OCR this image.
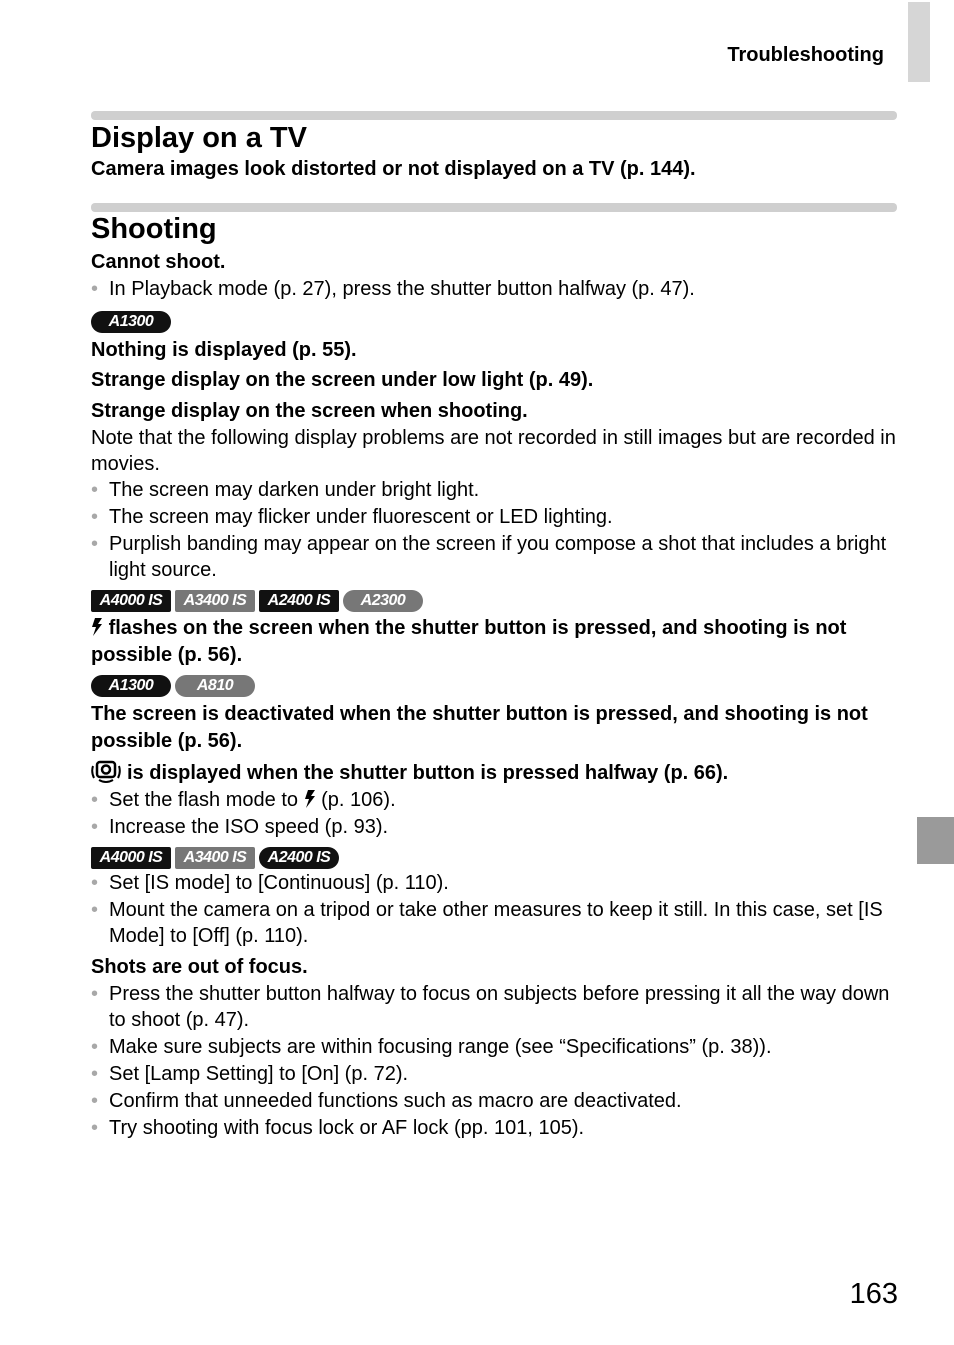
Troubleshooting
163
Display on a TV

Camera images look distorted or not displayed on a TV (p. 144).

Shooting

Cannot shoot.

• In Playback mode (p. 27), press the shutter button halfway (p. 47).
A1300

Nothing is displayed (p. 55).

Strange display on the screen under low light (p. 49).

Strange display on the screen when shooting.

Note that the following display problems are not recorded in still images but are recorded in movies.

• The screen may darken under bright light.
• The screen may flicker under fluorescent or LED lighting.
• Purplish banding may appear on the screen if you compose a shot that includes a bright light source.
A4000 IS	A3400 IS	A2400 IS	A2300

flashes on the screen when the shutter button is pressed, and shooting is not possible (p. 56).

A1300	A810

The screen is deactivated when the shutter button is pressed, and shooting is not possible (p. 56).

is displayed when the shutter button is pressed halfway (p. 66).

• Set the flash mode to (p. 106).
• Increase the ISO speed (p. 93).
A4000 IS	A3400 IS	A2400 IS
• Set [IS mode] to [Continuous] (p. 110).
• Mount the camera on a tripod or take other measures to keep it still. In this case, set [IS Mode] to [Off] (p. 110).

Shots are out of focus.

• Press the shutter button halfway to focus on subjects before pressing it all the way down to shoot (p. 47).
• Make sure subjects are within focusing range (see “Specifications” (p. 38)).
• Set [Lamp Setting] to [On] (p. 72).
• Confirm that unneeded functions such as macro are deactivated.
• Try shooting with focus lock or AF lock (pp. 101, 105).
